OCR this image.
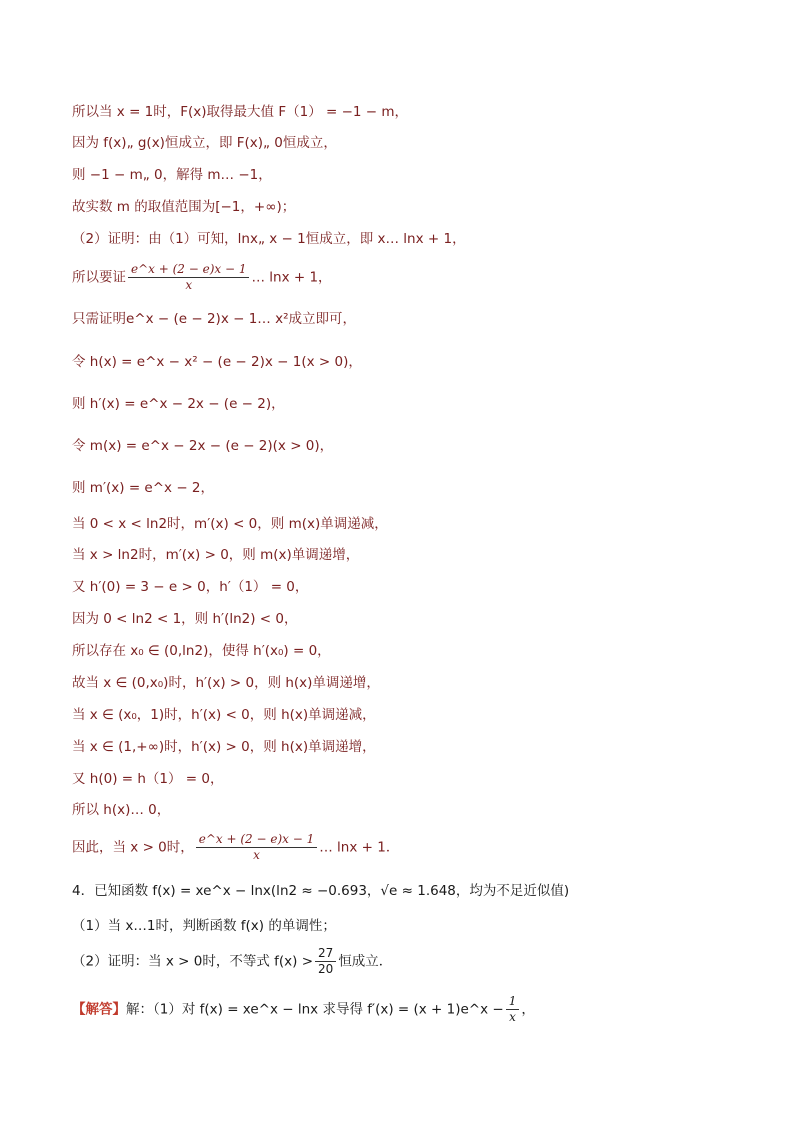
所以当 x = 1时，F(x)取得最大值 F（1） = −1 − m，
因为 f(x)„ g(x)恒成立，即 F(x)„ 0恒成立，
则 −1 − m„ 0，解得 m… −1，
故实数 m 的取值范围为[−1，+∞)；
（2）证明：由（1）可知，lnx„ x − 1恒成立，即 x… lnx + 1，
所以要证 $\frac{e\^{}x + (2 - e)x - 1}{x}$ … lnx + 1，
只需证明e^x − (e − 2)x − 1… x²成立即可，
令 h(x) = e^x − x² − (e − 2)x − 1(x > 0)，
则 h′(x) = e^x − 2x − (e − 2)，
令 m(x) = e^x − 2x − (e − 2)(x > 0)，
则 m′(x) = e^x − 2，
当 0 < x < ln2时，m′(x) < 0，则 m(x)单调递减，
当 x > ln2时，m′(x) > 0，则 m(x)单调递增，
又 h′(0) = 3 − e > 0，h′（1） = 0，
因为 0 < ln2 < 1，则 h′(ln2) < 0，
所以存在 x₀ ∈ (0,ln2)，使得 h′(x₀) = 0，
故当 x ∈ (0,x₀)时，h′(x) > 0，则 h(x)单调递增，
当 x ∈ (x₀，1)时，h′(x) < 0，则 h(x)单调递减，
当 x ∈ (1,+∞)时，h′(x) > 0，则 h(x)单调递增，
又 h(0) = h（1） = 0，
所以 h(x)… 0，
因此，当 x > 0时， $\frac{e\^{}x + (2 - e)x - 1}{x}$ … lnx + 1．
4．已知函数 f(x) = xe^x − lnx(ln2 ≈ −0.693，√e ≈ 1.648，均为不足近似值)
（1）当 x…1时，判断函数 f(x) 的单调性；
（2）证明：当 x > 0时，不等式 $f(x) > \frac{27}{20}$ 恒成立．
【解答】解：（1）对 f(x) = xe^x − lnx 求导得 f′(x) = (x + 1)e^x − $\frac{1}{x}$ ，
